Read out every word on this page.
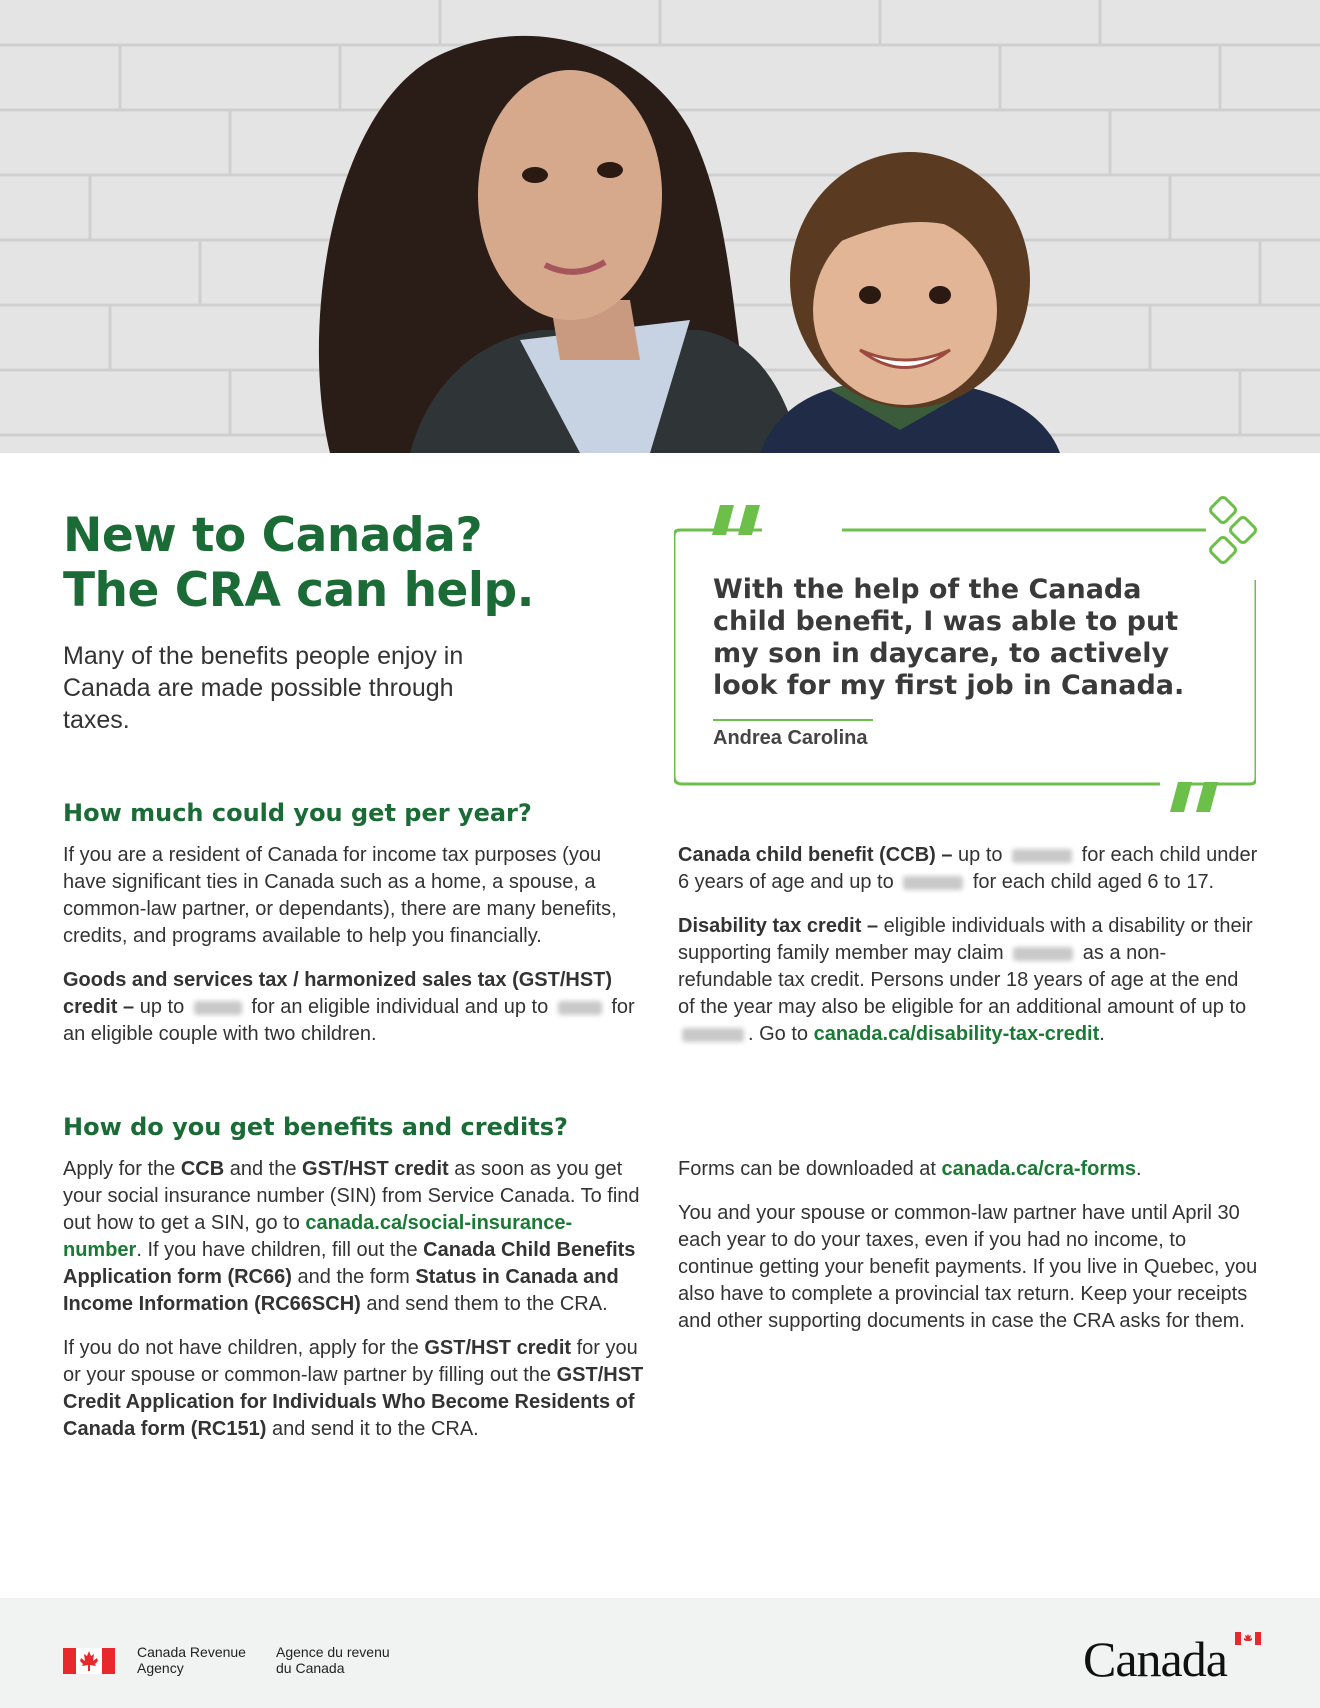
New to Canada?
The CRA can help.
Many of the benefits people enjoy in Canada are made possible through taxes.
With the help of the Canada child benefit, I was able to put my son in daycare, to actively look for my first job in Canada.
Andrea Carolina
How much could you get per year?

If you are a resident of Canada for income tax purposes (you have significant ties in Canada such as a home, a spouse, a common-law partner, or dependants), there are many benefits, credits, and programs available to help you financially.

Goods and services tax / harmonized sales tax (GST/HST) credit – up to	for an eligible individual and up to	for an eligible couple with two children.

Canada child benefit (CCB) – up to	for each child under 6 years of age and up to	for each child aged 6 to 17.

Disability tax credit – eligible individuals with a disability or their supporting family member may claim	as a non-refundable tax credit. Persons under 18 years of age at the end of the year may also be eligible for an additional amount of up to . Go to canada.ca/disability-tax-credit.

How do you get benefits and credits?

Apply for the CCB and the GST/HST credit as soon as you get your social insurance number (SIN) from Service Canada. To find out how to get a SIN, go to canada.ca/social-insurance-number. If you have children, fill out the Canada Child Benefits Application form (RC66) and the form Status in Canada and Income Information (RC66SCH) and send them to the CRA.

If you do not have children, apply for the GST/HST credit for you or your spouse or common-law partner by filling out the GST/HST Credit Application for Individuals Who Become Residents of Canada form (RC151) and send it to the CRA.

Forms can be downloaded at canada.ca/cra-forms.

You and your spouse or common-law partner have until April 30 each year to do your taxes, even if you had no income, to continue getting your benefit payments. If you live in Quebec, you also have to complete a provincial tax return. Keep your receipts and other supporting documents in case the CRA asks for them.

Canada Revenue
Agency
Agence du revenu
du Canada	Canada
